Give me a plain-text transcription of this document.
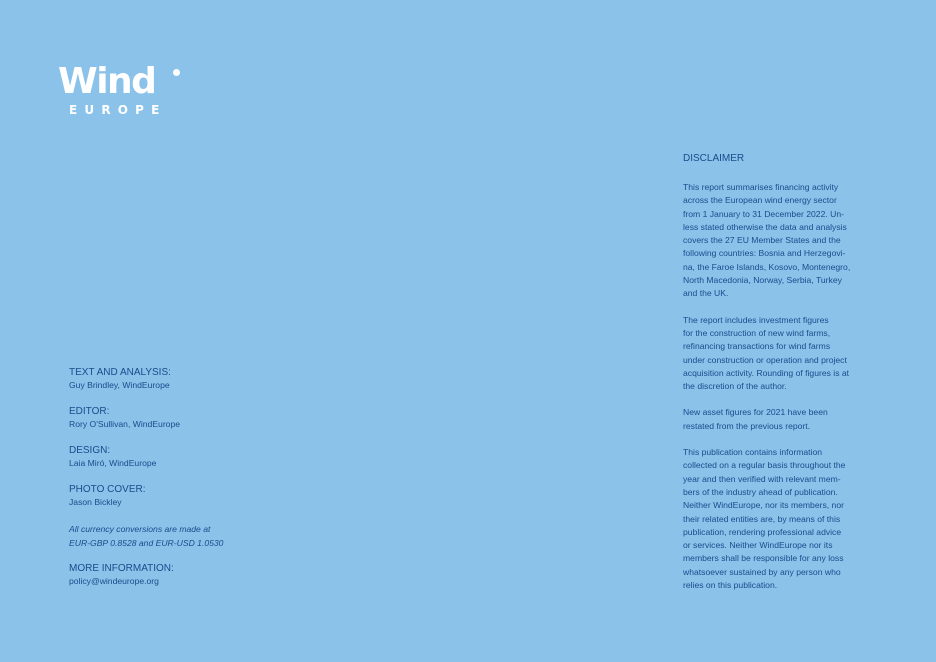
Wind
EUROPE
TEXT AND ANALYSIS:
Guy Brindley, WindEurope
EDITOR:
Rory O'Sullivan, WindEurope
DESIGN:
Laia Miró, WindEurope
PHOTO COVER:
Jason Bickley
All currency conversions are made at
EUR-GBP 0.8528 and EUR-USD 1.0530
MORE INFORMATION:
policy@windeurope.org
DISCLAIMER
This report summarises financing activity
across the European wind energy sector
from 1 January to 31 December 2022. Un-
less stated otherwise the data and analysis
covers the 27 EU Member States and the
following countries: Bosnia and Herzegovi-
na, the Faroe Islands, Kosovo, Montenegro,
North Macedonia, Norway, Serbia, Turkey
and the UK.
The report includes investment figures
for the construction of new wind farms,
refinancing transactions for wind farms
under construction or operation and project
acquisition activity. Rounding of figures is at
the discretion of the author.
New asset figures for 2021 have been
restated from the previous report.
This publication contains information
collected on a regular basis throughout the
year and then verified with relevant mem-
bers of the industry ahead of publication.
Neither WindEurope, nor its members, nor
their related entities are, by means of this
publication, rendering professional advice
or services. Neither WindEurope nor its
members shall be responsible for any loss
whatsoever sustained by any person who
relies on this publication.
